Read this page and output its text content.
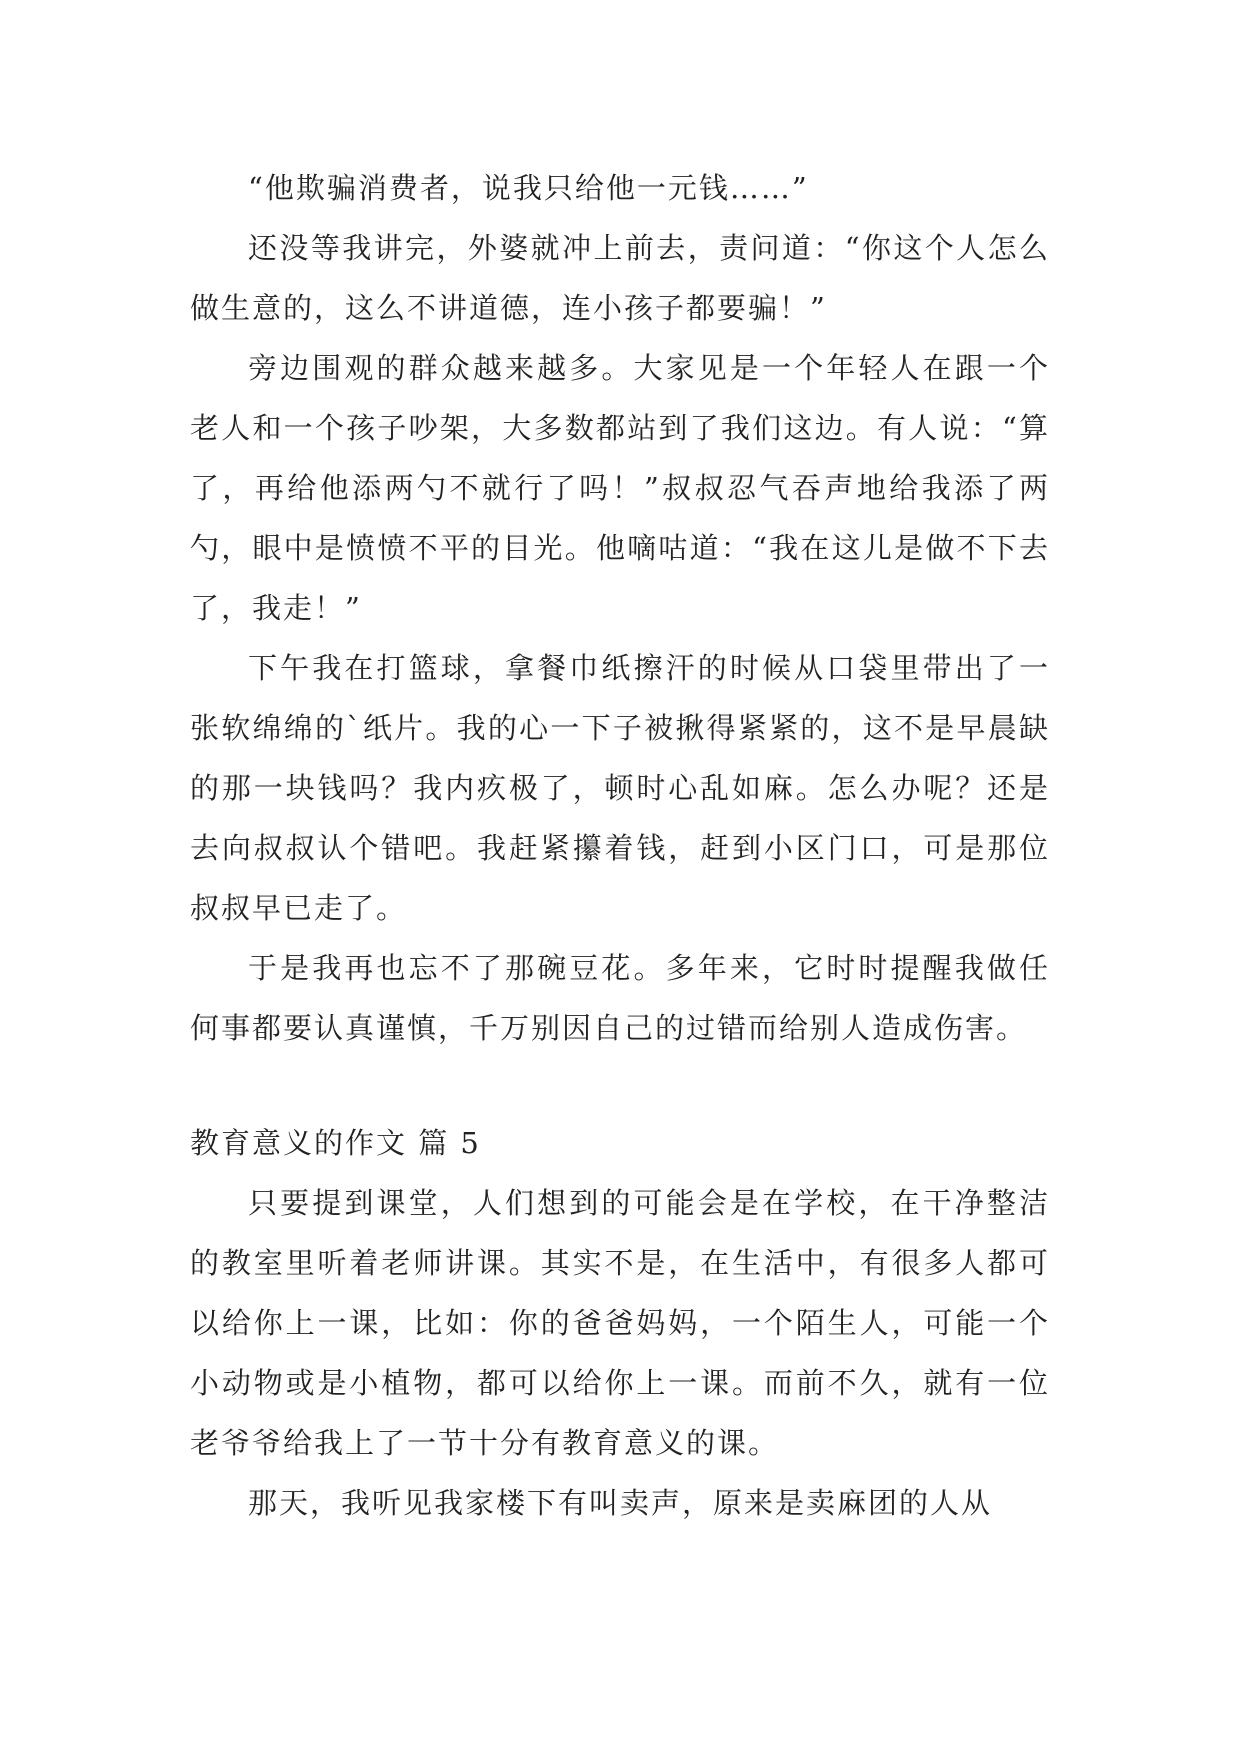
“他欺骗消费者，说我只给他一元钱……”

还没等我讲完，外婆就冲上前去，责问道：“你这个人怎么做生意的，这么不讲道德，连小孩子都要骗！”

旁边围观的群众越来越多。大家见是一个年轻人在跟一个老人和一个孩子吵架，大多数都站到了我们这边。有人说：“算了，再给他添两勺不就行了吗！”叔叔忍气吞声地给我添了两勺，眼中是愤愤不平的目光。他嘀咕道：“我在这儿是做不下去了，我走！”

下午我在打篮球，拿餐巾纸擦汗的时候从口袋里带出了一张软绵绵的`纸片。我的心一下子被揪得紧紧的，这不是早晨缺的那一块钱吗？我内疚极了，顿时心乱如麻。怎么办呢？还是去向叔叔认个错吧。我赶紧攥着钱，赶到小区门口，可是那位叔叔早已走了。

于是我再也忘不了那碗豆花。多年来，它时时提醒我做任何事都要认真谨慎，千万别因自己的过错而给别人造成伤害。

教育意义的作文 篇 5

只要提到课堂，人们想到的可能会是在学校，在干净整洁的教室里听着老师讲课。其实不是，在生活中，有很多人都可以给你上一课，比如：你的爸爸妈妈，一个陌生人，可能一个小动物或是小植物，都可以给你上一课。而前不久，就有一位老爷爷给我上了一节十分有教育意义的课。

那天，我听见我家楼下有叫卖声，原来是卖麻团的人从
